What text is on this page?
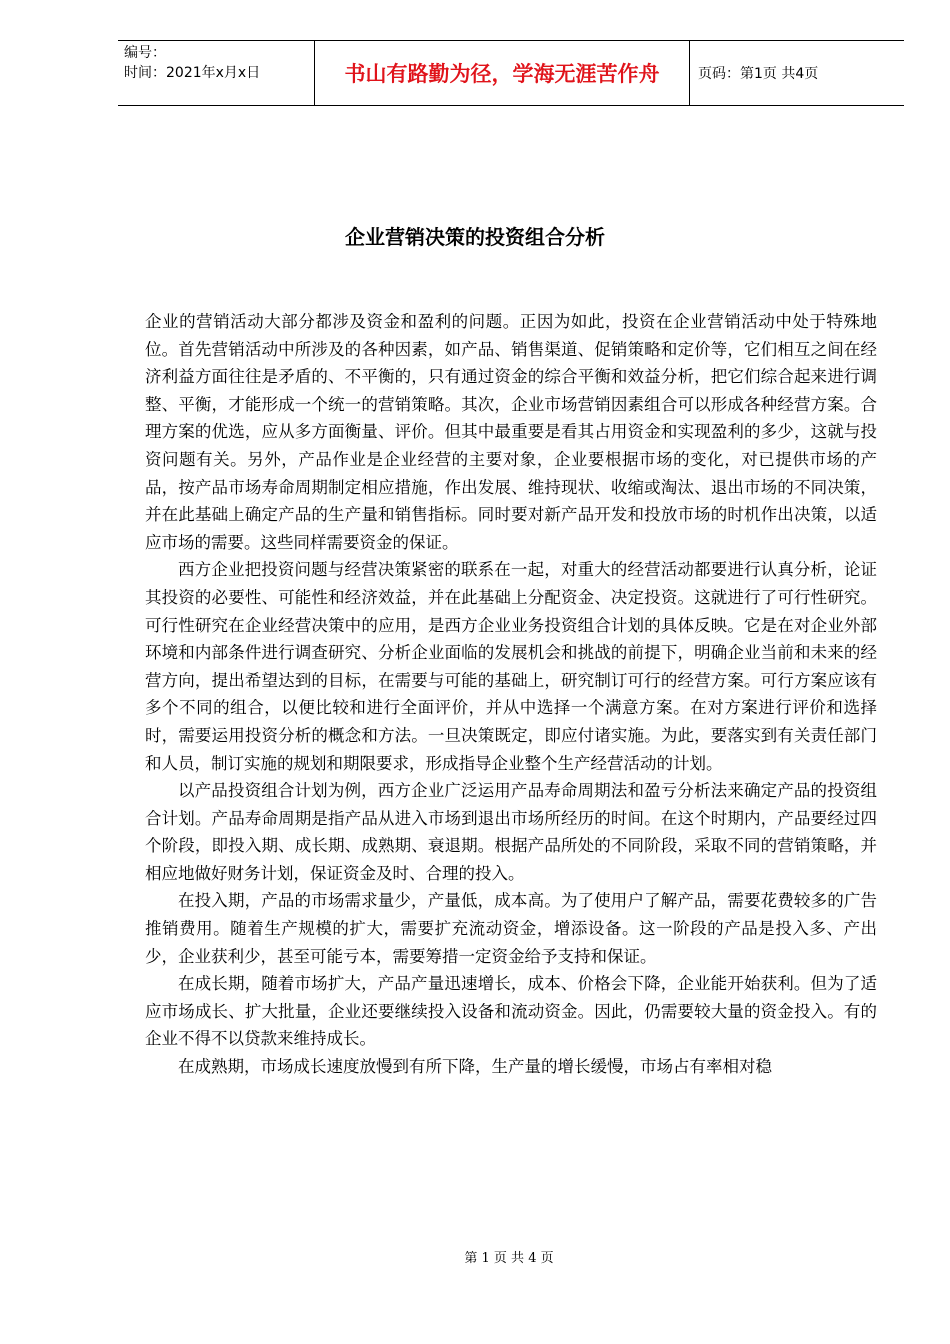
编号：
时间：2021年x月x日	书山有路勤为径，学海无涯苦作舟	页码：第1页 共4页
企业营销决策的投资组合分析

企业的营销活动大部分都涉及资金和盈利的问题。正因为如此，投资在企业营销活动中处于特殊地位。首先营销活动中所涉及的各种因素，如产品、销售渠道、促销策略和定价等，它们相互之间在经济利益方面往往是矛盾的、不平衡的，只有通过资金的综合平衡和效益分析，把它们综合起来进行调整、平衡，才能形成一个统一的营销策略。其次，企业市场营销因素组合可以形成各种经营方案。合理方案的优选，应从多方面衡量、评价。但其中最重要是看其占用资金和实现盈利的多少，这就与投资问题有关。另外，产品作业是企业经营的主要对象，企业要根据市场的变化，对已提供市场的产品，按产品市场寿命周期制定相应措施，作出发展、维持现状、收缩或淘汰、退出市场的不同决策，并在此基础上确定产品的生产量和销售指标。同时要对新产品开发和投放市场的时机作出决策，以适应市场的需要。这些同样需要资金的保证。

西方企业把投资问题与经营决策紧密的联系在一起，对重大的经营活动都要进行认真分析，论证其投资的必要性、可能性和经济效益，并在此基础上分配资金、决定投资。这就进行了可行性研究。可行性研究在企业经营决策中的应用，是西方企业业务投资组合计划的具体反映。它是在对企业外部环境和内部条件进行调查研究、分析企业面临的发展机会和挑战的前提下，明确企业当前和未来的经营方向，提出希望达到的目标，在需要与可能的基础上，研究制订可行的经营方案。可行方案应该有多个不同的组合，以便比较和进行全面评价，并从中选择一个满意方案。在对方案进行评价和选择时，需要运用投资分析的概念和方法。一旦决策既定，即应付诸实施。为此，要落实到有关责任部门和人员，制订实施的规划和期限要求，形成指导企业整个生产经营活动的计划。

以产品投资组合计划为例，西方企业广泛运用产品寿命周期法和盈亏分析法来确定产品的投资组合计划。产品寿命周期是指产品从进入市场到退出市场所经历的时间。在这个时期内，产品要经过四个阶段，即投入期、成长期、成熟期、衰退期。根据产品所处的不同阶段，采取不同的营销策略，并相应地做好财务计划，保证资金及时、合理的投入。

在投入期，产品的市场需求量少，产量低，成本高。为了使用户了解产品，需要花费较多的广告推销费用。随着生产规模的扩大，需要扩充流动资金，增添设备。这一阶段的产品是投入多、产出少，企业获利少，甚至可能亏本，需要筹措一定资金给予支持和保证。

在成长期，随着市场扩大，产品产量迅速增长，成本、价格会下降，企业能开始获利。但为了适应市场成长、扩大批量，企业还要继续投入设备和流动资金。因此，仍需要较大量的资金投入。有的企业不得不以贷款来维持成长。

在成熟期，市场成长速度放慢到有所下降，生产量的增长缓慢，市场占有率相对稳

第 1 页 共 4 页
